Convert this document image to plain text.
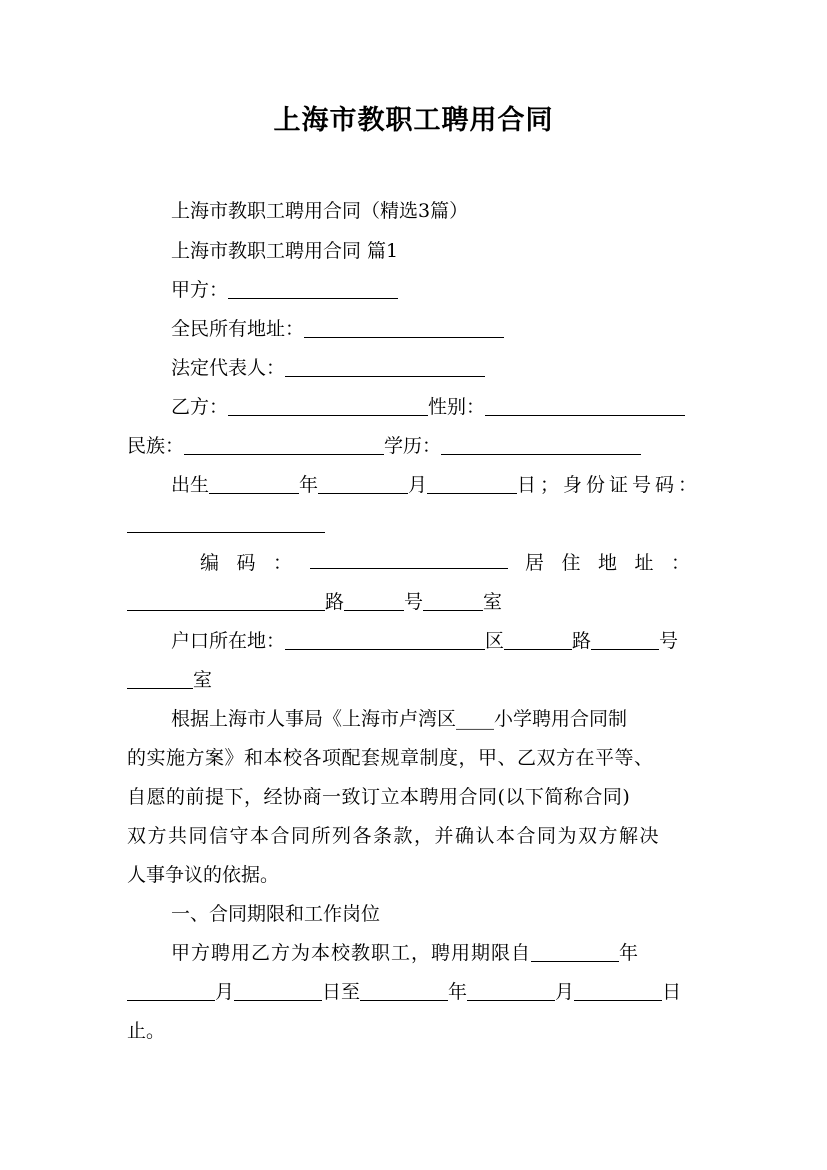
上海市教职工聘用合同
上海市教职工聘用合同（精选3篇）
上海市教职工聘用合同 篇1
甲方：
全民所有地址：
法定代表人：
乙方：	性别：
民族：	学历：
出生	年	月	日；身份证号码：
编 码 ：	居 住 地 址 ：
路	号	室
户口所在地：	区	路	号
室
根据上海市人事局《上海市卢湾区____小学聘用合同制
的实施方案》和本校各项配套规章制度，甲、乙双方在平等、
自愿的前提下，经协商一致订立本聘用合同(以下简称合同)
双方共同信守本合同所列各条款，并确认本合同为双方解决
人事争议的依据。
一、合同期限和工作岗位
甲方聘用乙方为本校教职工，聘用期限自	年
月	日至	年	月	日
止。
